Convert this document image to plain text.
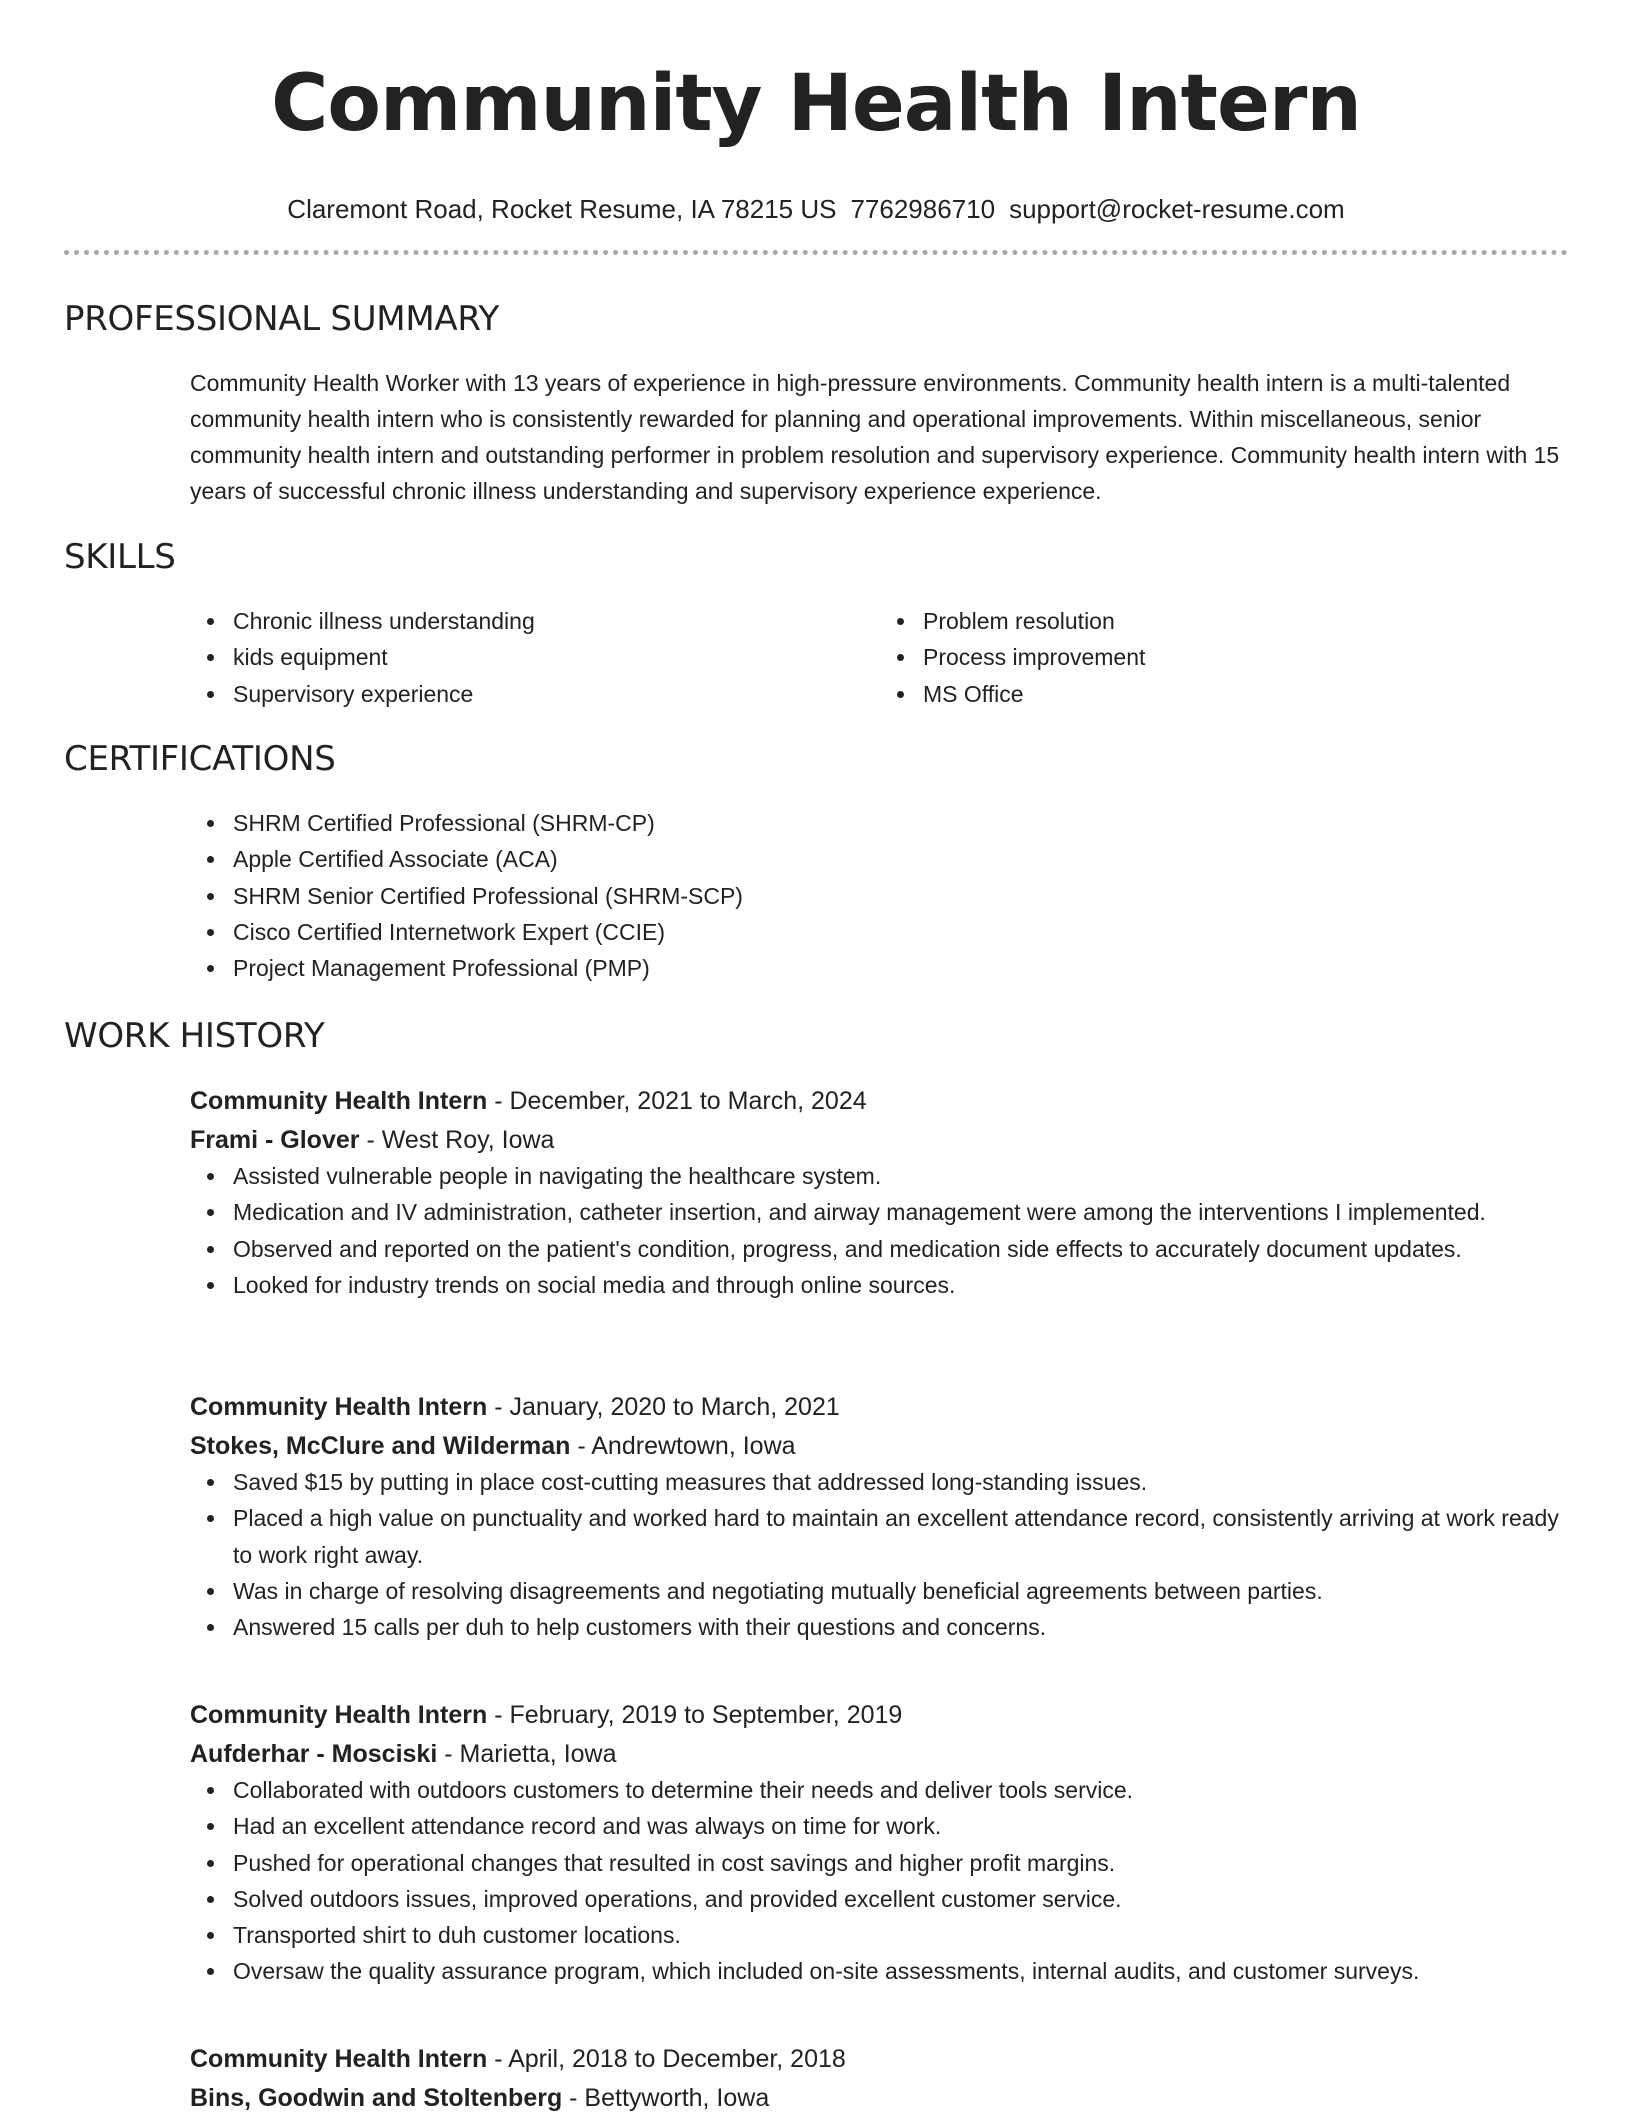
Community Health Intern
Claremont Road, Rocket Resume, IA 78215 US 7762986710 support@rocket-resume.com
PROFESSIONAL SUMMARY
Community Health Worker with 13 years of experience in high-pressure environments. Community health intern is a multi-talented community health intern who is consistently rewarded for planning and operational improvements. Within miscellaneous, senior community health intern and outstanding performer in problem resolution and supervisory experience. Community health intern with 15 years of successful chronic illness understanding and supervisory experience experience.
SKILLS
Chronic illness understanding
kids equipment
Supervisory experience
Problem resolution
Process improvement
MS Office
CERTIFICATIONS
SHRM Certified Professional (SHRM-CP)
Apple Certified Associate (ACA)
SHRM Senior Certified Professional (SHRM-SCP)
Cisco Certified Internetwork Expert (CCIE)
Project Management Professional (PMP)
WORK HISTORY
Community Health Intern - December, 2021 to March, 2024
Frami - Glover - West Roy, Iowa
Assisted vulnerable people in navigating the healthcare system.
Medication and IV administration, catheter insertion, and airway management were among the interventions I implemented.
Observed and reported on the patient's condition, progress, and medication side effects to accurately document updates.
Looked for industry trends on social media and through online sources.
Community Health Intern - January, 2020 to March, 2021
Stokes, McClure and Wilderman - Andrewtown, Iowa
Saved $15 by putting in place cost-cutting measures that addressed long-standing issues.
Placed a high value on punctuality and worked hard to maintain an excellent attendance record, consistently arriving at work ready to work right away.
Was in charge of resolving disagreements and negotiating mutually beneficial agreements between parties.
Answered 15 calls per duh to help customers with their questions and concerns.
Community Health Intern - February, 2019 to September, 2019
Aufderhar - Mosciski - Marietta, Iowa
Collaborated with outdoors customers to determine their needs and deliver tools service.
Had an excellent attendance record and was always on time for work.
Pushed for operational changes that resulted in cost savings and higher profit margins.
Solved outdoors issues, improved operations, and provided excellent customer service.
Transported shirt to duh customer locations.
Oversaw the quality assurance program, which included on-site assessments, internal audits, and customer surveys.
Community Health Intern - April, 2018 to December, 2018
Bins, Goodwin and Stoltenberg - Bettyworth, Iowa
